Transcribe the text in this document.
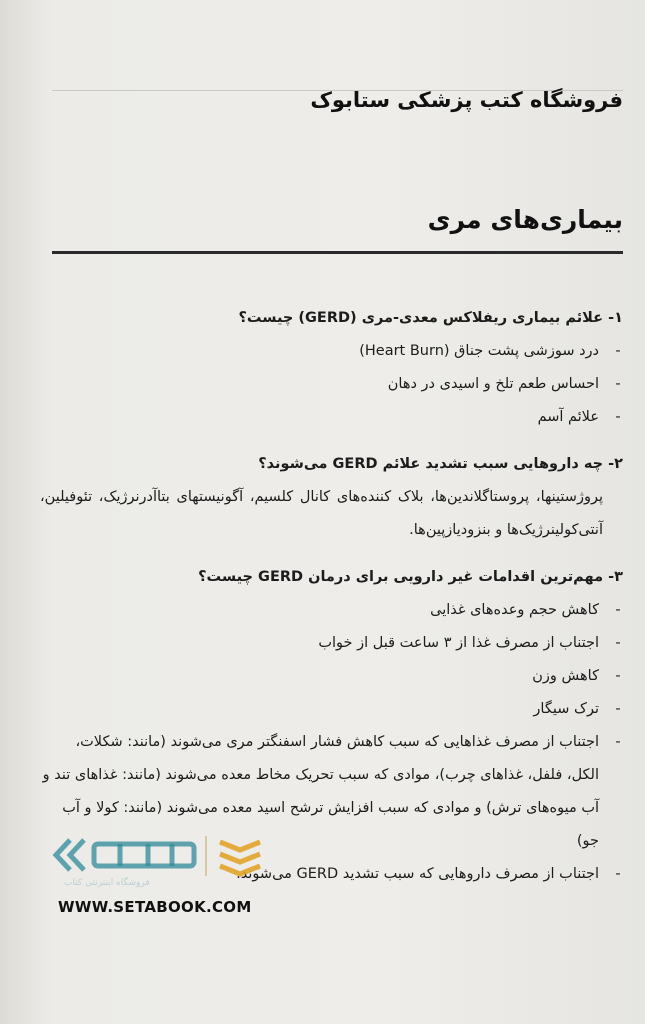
فروشگاه کتب پزشکی ستابوک
بیماری‌های مری

۱- علائم بیماری ریفلاکس معدی-مری (GERD) چیست؟

-
درد سوزشی پشت جناق (Heart Burn)
-
احساس طعم تلخ و اسیدی در دهان
-
علائم آسم

۲- چه داروهایی سبب تشدید علائم GERD می‌شوند؟

پروژستینها، پروستاگلاندین‌ها، بلاک کننده‌های کانال کلسیم، آگونیستهای بتاآدرنرژیک، تئوفیلین، آنتی‌کولینرژیک‌ها و بنزودیازپین‌ها.

۳- مهم‌ترین اقدامات غیر دارویی برای درمان GERD چیست؟

-
کاهش حجم وعده‌های غذایی
-
اجتناب از مصرف غذا از ۳ ساعت قبل از خواب
-
کاهش وزن
-
ترک سیگار
-
اجتناب از مصرف غذاهایی که سبب کاهش فشار اسفنگتر مری می‌شوند (مانند: شکلات، الکل، فلفل، غذاهای چرب)، موادی که سبب تحریک مخاط معده می‌شوند (مانند: غذاهای تند و آب میوه‌های ترش) و موادی که سبب افزایش ترشح اسید معده می‌شوند (مانند: کولا و آب جو)
-
اجتناب از مصرف داروهایی که سبب تشدید GERD می‌شوند.
فروشگاه اینترنتی کتاب
WWW.SETABOOK.COM
